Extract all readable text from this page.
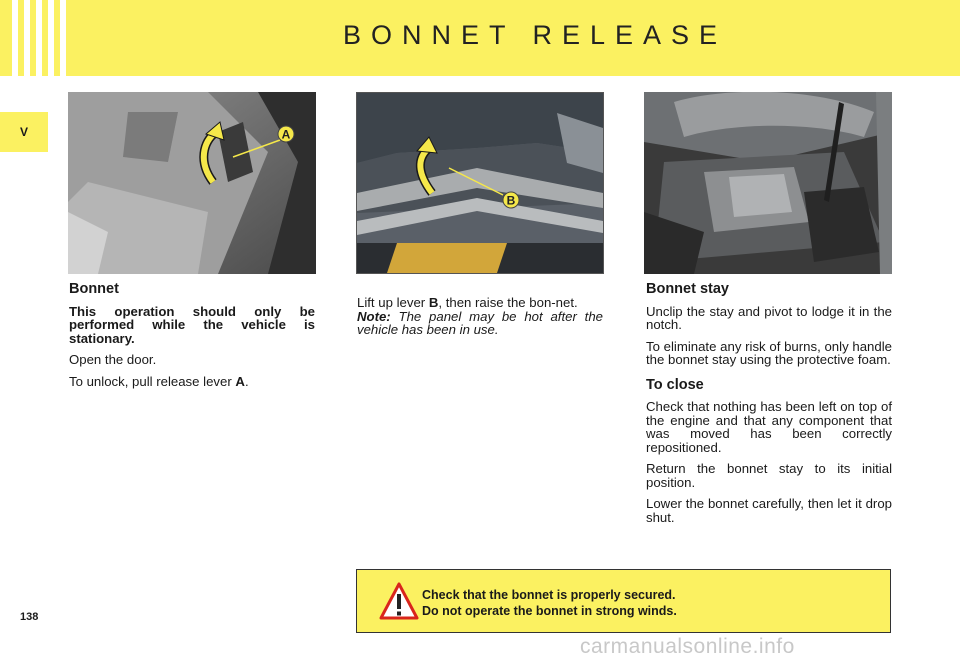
BONNET RELEASE
V
138
A
B
Bonnet

This operation should only be performed while the vehicle is stationary.

Open the door.

To unlock, pull release lever A.

Lift up lever B, then raise the bon-net.

Note: The panel may be hot after the vehicle has been in use.

Bonnet stay

Unclip the stay and pivot to lodge it in the notch.

To eliminate any risk of burns, only handle the bonnet stay using the protective foam.

To close

Check that nothing has been left on top of the engine and that any component that was moved has been correctly repositioned.

Return the bonnet stay to its initial position.

Lower the bonnet carefully, then let it drop shut.

Check that the bonnet is properly secured.
Do not operate the bonnet in strong winds.
carmanualsonline.info
